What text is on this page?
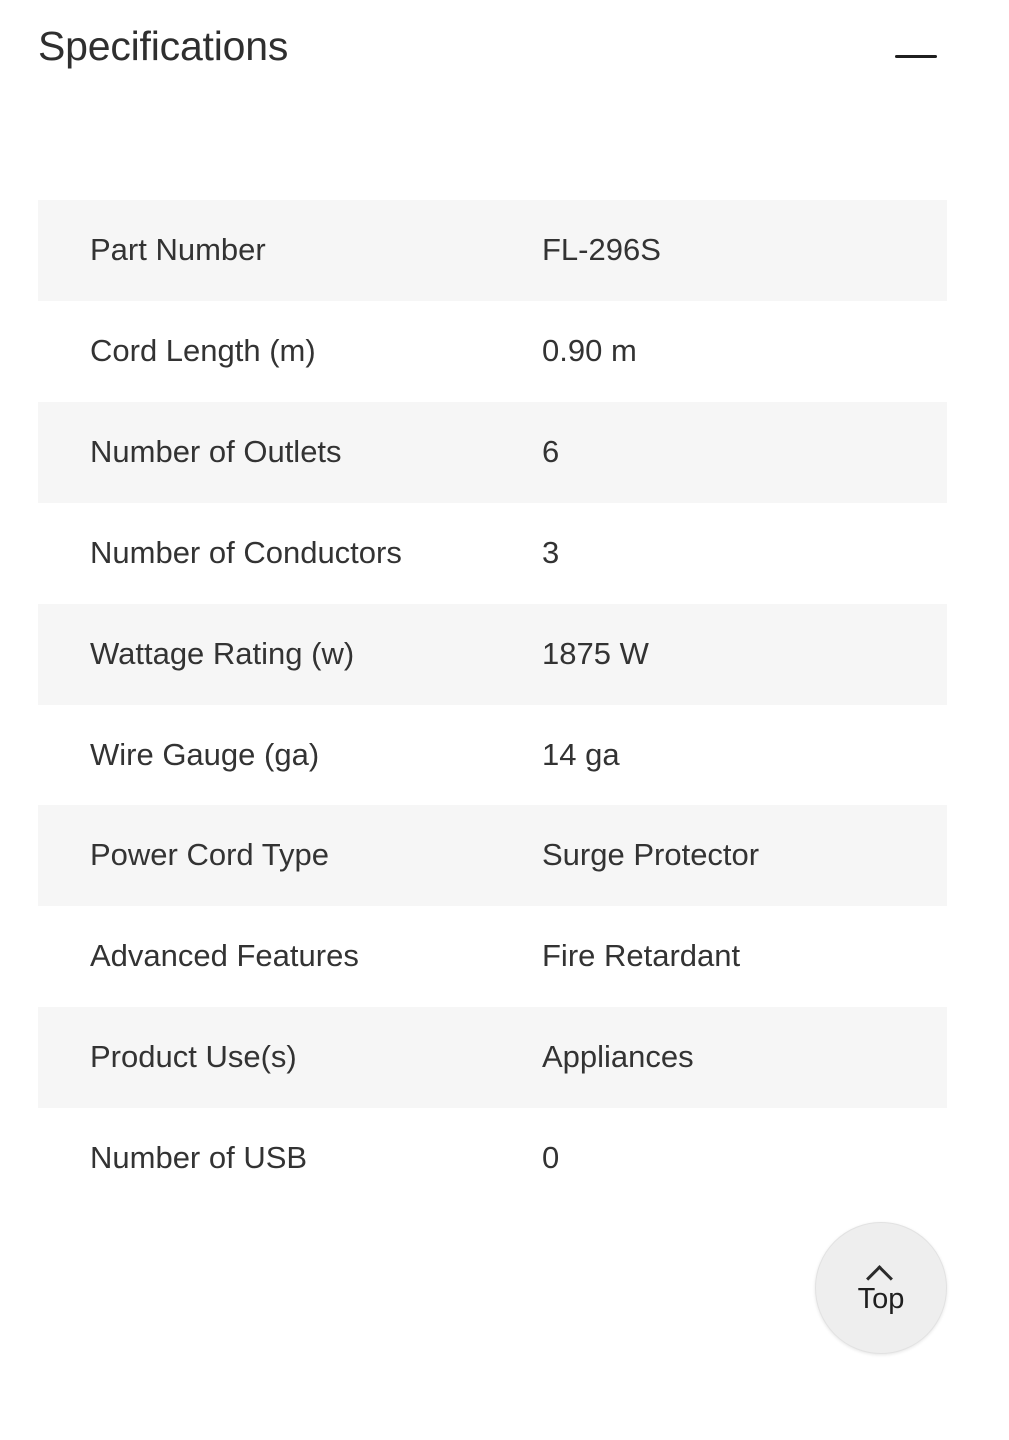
Specifications
Part Number	FL-296S
Cord Length (m)	0.90 m
Number of Outlets	6
Number of Conductors	3
Wattage Rating (w)	1875 W
Wire Gauge (ga)	14 ga
Power Cord Type	Surge Protector
Advanced Features	Fire Retardant
Product Use(s)	Appliances
Number of USB	0
Top
